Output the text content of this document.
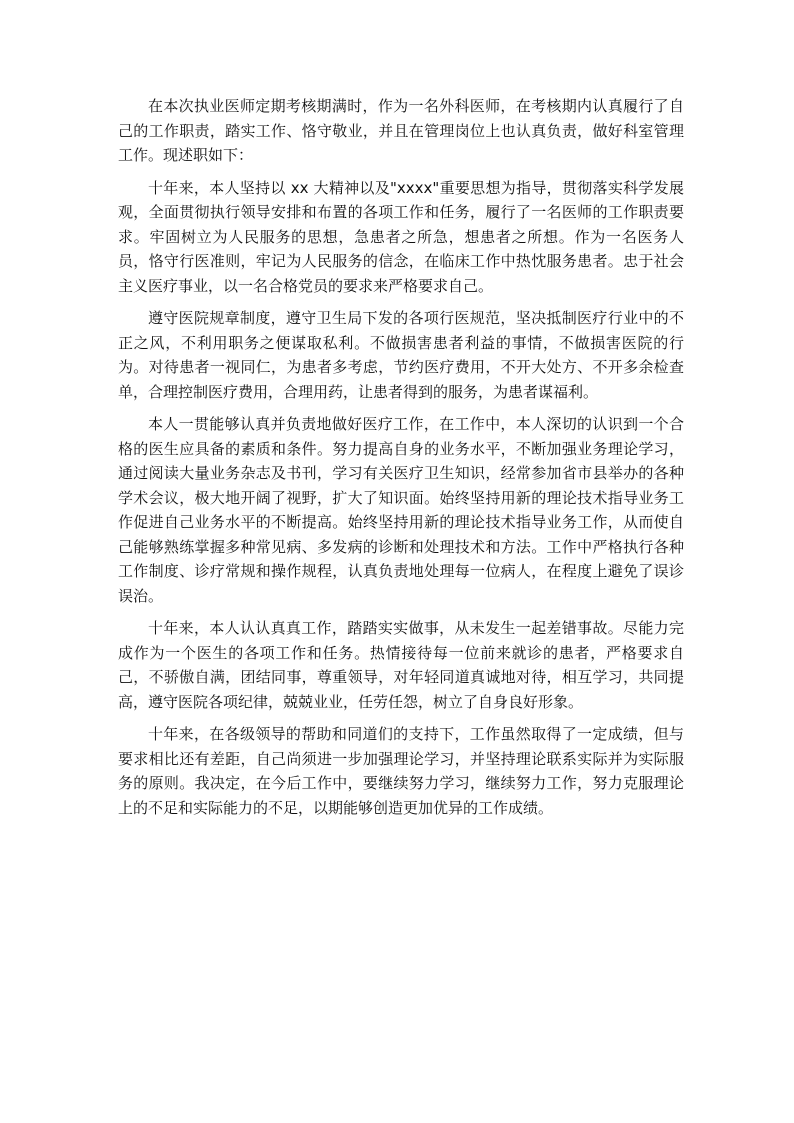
在本次执业医师定期考核期满时，作为一名外科医师，在考核期内认真履行了自己的工作职责，踏实工作、恪守敬业，并且在管理岗位上也认真负责，做好科室管理工作。现述职如下：

十年来，本人坚持以 xx 大精神以及"xxxx"重要思想为指导，贯彻落实科学发展观，全面贯彻执行领导安排和布置的各项工作和任务，履行了一名医师的工作职责要求。牢固树立为人民服务的思想，急患者之所急，想患者之所想。作为一名医务人员，恪守行医准则，牢记为人民服务的信念，在临床工作中热忱服务患者。忠于社会主义医疗事业，以一名合格党员的要求来严格要求自己。

遵守医院规章制度，遵守卫生局下发的各项行医规范，坚决抵制医疗行业中的不正之风，不利用职务之便谋取私利。不做损害患者利益的事情，不做损害医院的行为。对待患者一视同仁，为患者多考虑，节约医疗费用，不开大处方、不开多余检查单，合理控制医疗费用，合理用药，让患者得到的服务，为患者谋福利。

本人一贯能够认真并负责地做好医疗工作，在工作中，本人深切的认识到一个合格的医生应具备的素质和条件。努力提高自身的业务水平，不断加强业务理论学习，通过阅读大量业务杂志及书刊，学习有关医疗卫生知识，经常参加省市县举办的各种学术会议，极大地开阔了视野，扩大了知识面。始终坚持用新的理论技术指导业务工作促进自己业务水平的不断提高。始终坚持用新的理论技术指导业务工作，从而使自己能够熟练掌握多种常见病、多发病的诊断和处理技术和方法。工作中严格执行各种工作制度、诊疗常规和操作规程，认真负责地处理每一位病人，在程度上避免了误诊误治。

十年来，本人认认真真工作，踏踏实实做事，从未发生一起差错事故。尽能力完成作为一个医生的各项工作和任务。热情接待每一位前来就诊的患者，严格要求自己，不骄傲自满，团结同事，尊重领导，对年轻同道真诚地对待，相互学习，共同提高，遵守医院各项纪律，兢兢业业，任劳任怨，树立了自身良好形象。

十年来，在各级领导的帮助和同道们的支持下，工作虽然取得了一定成绩，但与要求相比还有差距，自己尚须进一步加强理论学习，并坚持理论联系实际并为实际服务的原则。我决定，在今后工作中，要继续努力学习，继续努力工作，努力克服理论上的不足和实际能力的不足，以期能够创造更加优异的工作成绩。
